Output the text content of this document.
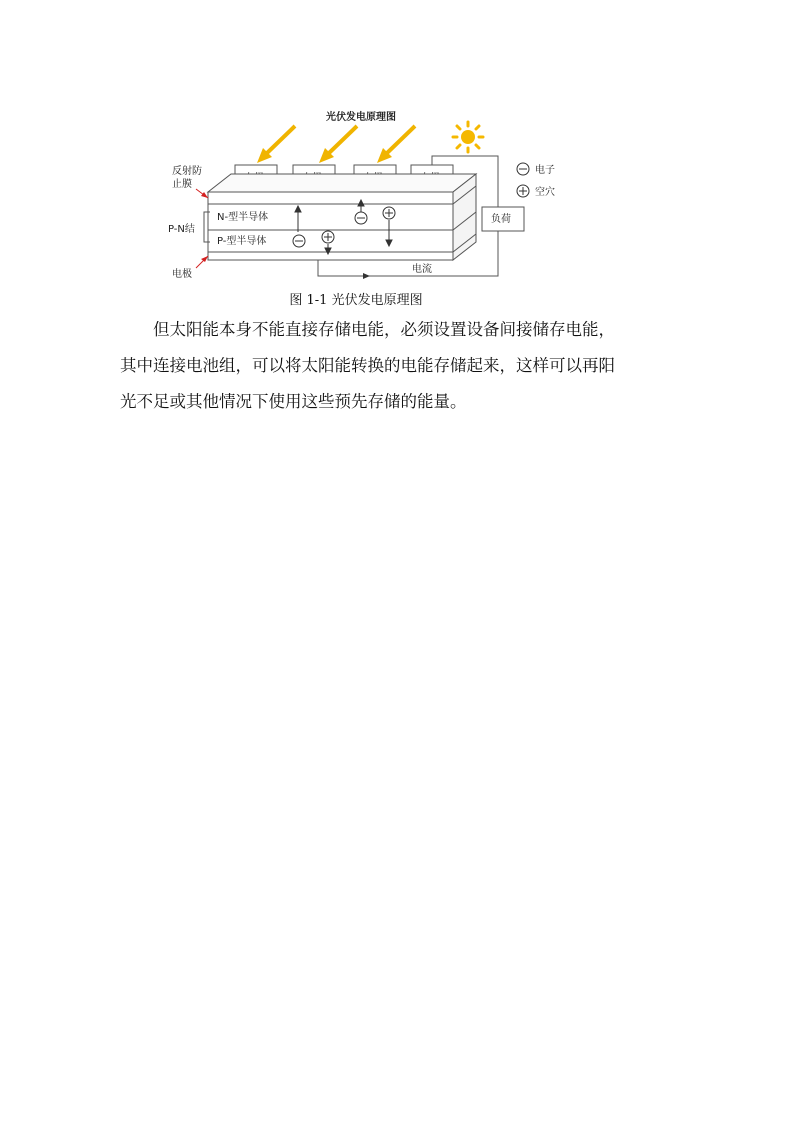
光伏发电原理图
N-型半导体
P-型半导体
负荷
电流
反射防
止膜
P-N结
电极
电子
空穴
图 1-1 光伏发电原理图

但太阳能本身不能直接存储电能，必须设置设备间接储存电能，
其中连接电池组，可以将太阳能转换的电能存储起来，这样可以再阳
光不足或其他情况下使用这些预先存储的能量。
